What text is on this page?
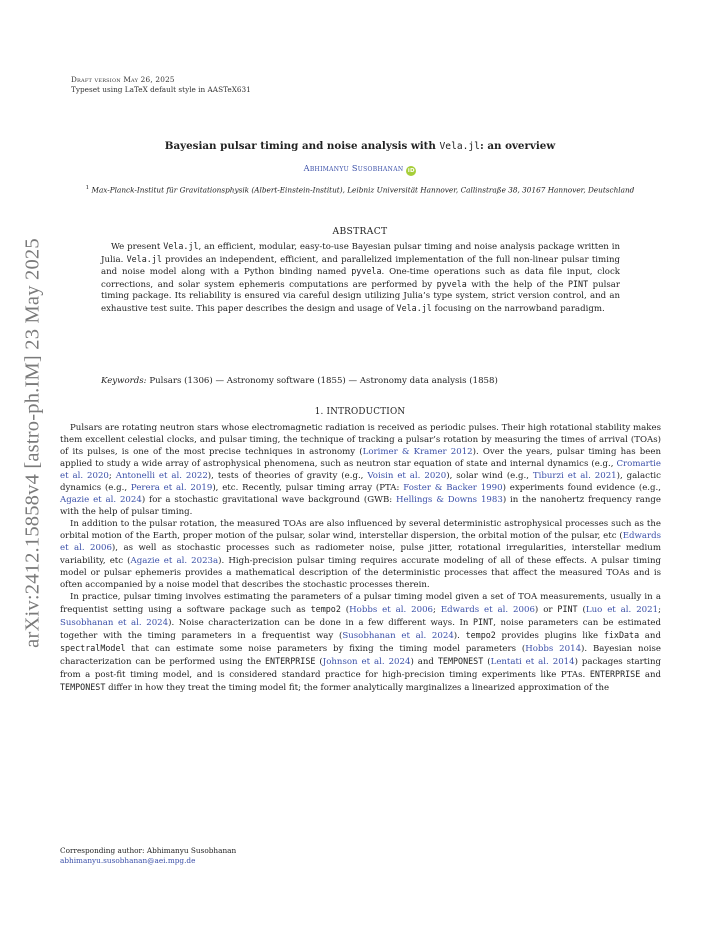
arXiv:2412.15858v4 [astro-ph.IM] 23 May 2025
Draft version May 26, 2025
Typeset using LaTeX default style in AASTeX631
Bayesian pulsar timing and noise analysis with Vela.jl: an overview
Abhimanyu Susobhanan iD
$^1$ Max-Planck-Institut für Gravitationsphysik (Albert-Einstein-Institut), Leibniz Universität Hannover, Callinstraße 38, 30167 Hannover, Deutschland
ABSTRACT

We present Vela.jl, an efficient, modular, easy-to-use Bayesian pulsar timing and noise analysis package written in Julia. Vela.jl provides an independent, efficient, and parallelized implementation of the full non-linear pulsar timing and noise model along with a Python binding named pyvela. One-time operations such as data file input, clock corrections, and solar system ephemeris computations are performed by pyvela with the help of the PINT pulsar timing package. Its reliability is ensured via careful design utilizing Julia’s type system, strict version control, and an exhaustive test suite. This paper describes the design and usage of Vela.jl focusing on the narrowband paradigm.

Keywords: Pulsars (1306) — Astronomy software (1855) — Astronomy data analysis (1858)

1. INTRODUCTION

Pulsars are rotating neutron stars whose electromagnetic radiation is received as periodic pulses. Their high rotational stability makes them excellent celestial clocks, and pulsar timing, the technique of tracking a pulsar’s rotation by measuring the times of arrival (TOAs) of its pulses, is one of the most precise techniques in astronomy (Lorimer & Kramer 2012). Over the years, pulsar timing has been applied to study a wide array of astrophysical phenomena, such as neutron star equation of state and internal dynamics (e.g., Cromartie et al. 2020; Antonelli et al. 2022), tests of theories of gravity (e.g., Voisin et al. 2020), solar wind (e.g., Tiburzi et al. 2021), galactic dynamics (e.g., Perera et al. 2019), etc. Recently, pulsar timing array (PTA: Foster & Backer 1990) experiments found evidence (e.g., Agazie et al. 2024) for a stochastic gravitational wave background (GWB: Hellings & Downs 1983) in the nanohertz frequency range with the help of pulsar timing.

In addition to the pulsar rotation, the measured TOAs are also influenced by several deterministic astrophysical processes such as the orbital motion of the Earth, proper motion of the pulsar, solar wind, interstellar dispersion, the orbital motion of the pulsar, etc (Edwards et al. 2006), as well as stochastic processes such as radiometer noise, pulse jitter, rotational irregularities, interstellar medium variability, etc (Agazie et al. 2023a). High-precision pulsar timing requires accurate modeling of all of these effects. A pulsar timing model or pulsar ephemeris provides a mathematical description of the deterministic processes that affect the measured TOAs and is often accompanied by a noise model that describes the stochastic processes therein.

In practice, pulsar timing involves estimating the parameters of a pulsar timing model given a set of TOA measurements, usually in a frequentist setting using a software package such as tempo2 (Hobbs et al. 2006; Edwards et al. 2006) or PINT (Luo et al. 2021; Susobhanan et al. 2024). Noise characterization can be done in a few different ways. In PINT, noise parameters can be estimated together with the timing parameters in a frequentist way (Susobhanan et al. 2024). tempo2 provides plugins like fixData and spectralModel that can estimate some noise parameters by fixing the timing model parameters (Hobbs 2014). Bayesian noise characterization can be performed using the ENTERPRISE (Johnson et al. 2024) and TEMPONEST (Lentati et al. 2014) packages starting from a post-fit timing model, and is considered standard practice for high-precision timing experiments like PTAs. ENTERPRISE and TEMPONEST differ in how they treat the timing model fit; the former analytically marginalizes a linearized approximation of the

Corresponding author: Abhimanyu Susobhanan
abhimanyu.susobhanan@aei.mpg.de
